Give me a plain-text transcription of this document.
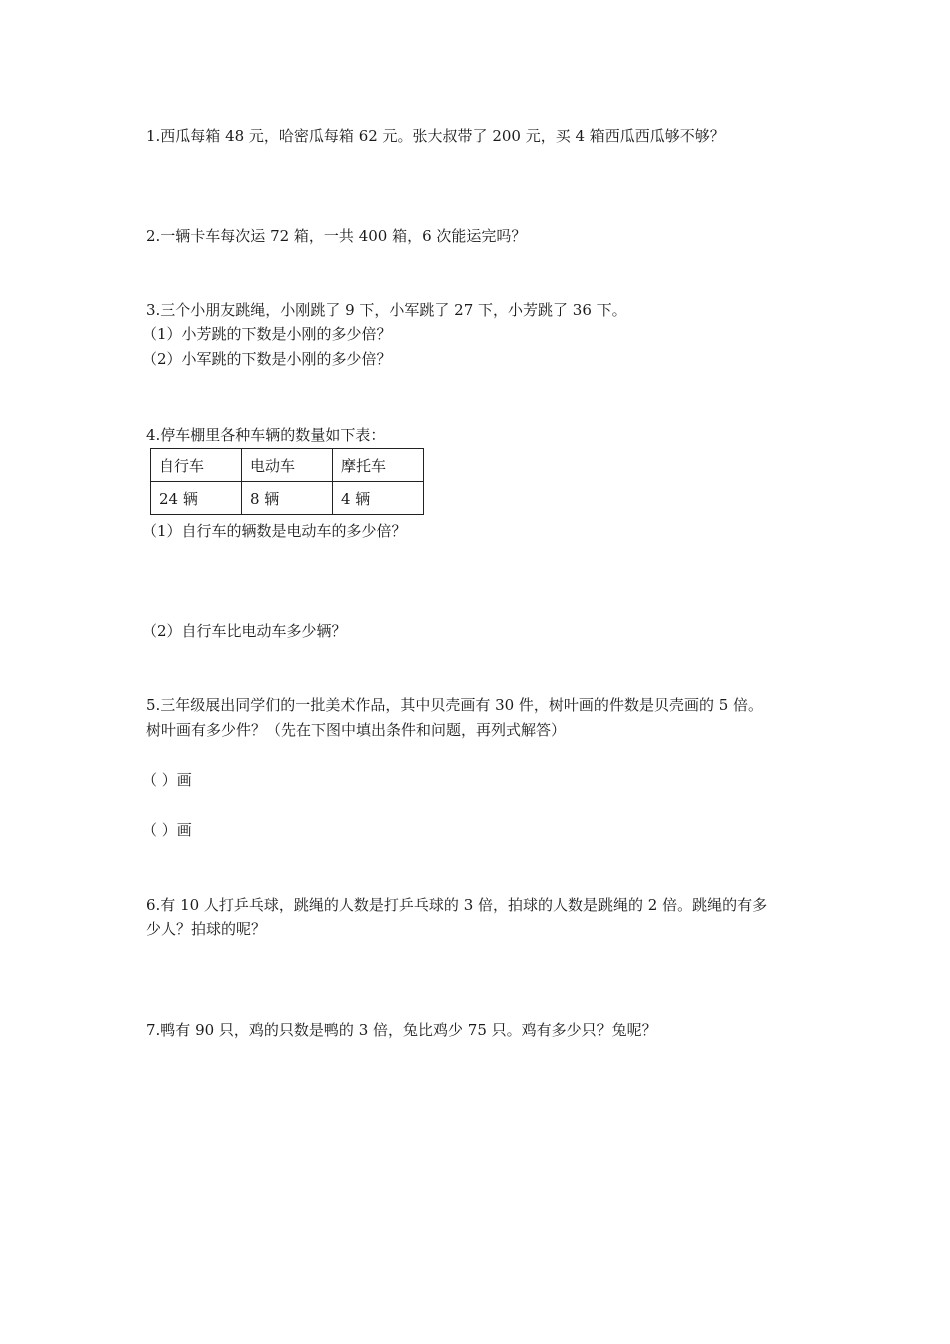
1.西瓜每箱 48 元，哈密瓜每箱 62 元。张大叔带了 200 元，买 4 箱西瓜西瓜够不够？
2.一辆卡车每次运 72 箱，一共 400 箱，6 次能运完吗？
3.三个小朋友跳绳，小刚跳了 9 下，小军跳了 27 下，小芳跳了 36 下。
（1）小芳跳的下数是小刚的多少倍？
（2）小军跳的下数是小刚的多少倍？
4.停车棚里各种车辆的数量如下表：
自行车	电动车	摩托车
24 辆	8 辆	4 辆
（1）自行车的辆数是电动车的多少倍？
（2）自行车比电动车多少辆？
5.三年级展出同学们的一批美术作品，其中贝壳画有 30 件，树叶画的件数是贝壳画的 5 倍。
树叶画有多少件？（先在下图中填出条件和问题，再列式解答）
（ ）画
（ ）画
6.有 10 人打乒乓球，跳绳的人数是打乒乓球的 3 倍，拍球的人数是跳绳的 2 倍。跳绳的有多
少人？拍球的呢？
7.鸭有 90 只，鸡的只数是鸭的 3 倍，兔比鸡少 75 只。鸡有多少只？兔呢？
